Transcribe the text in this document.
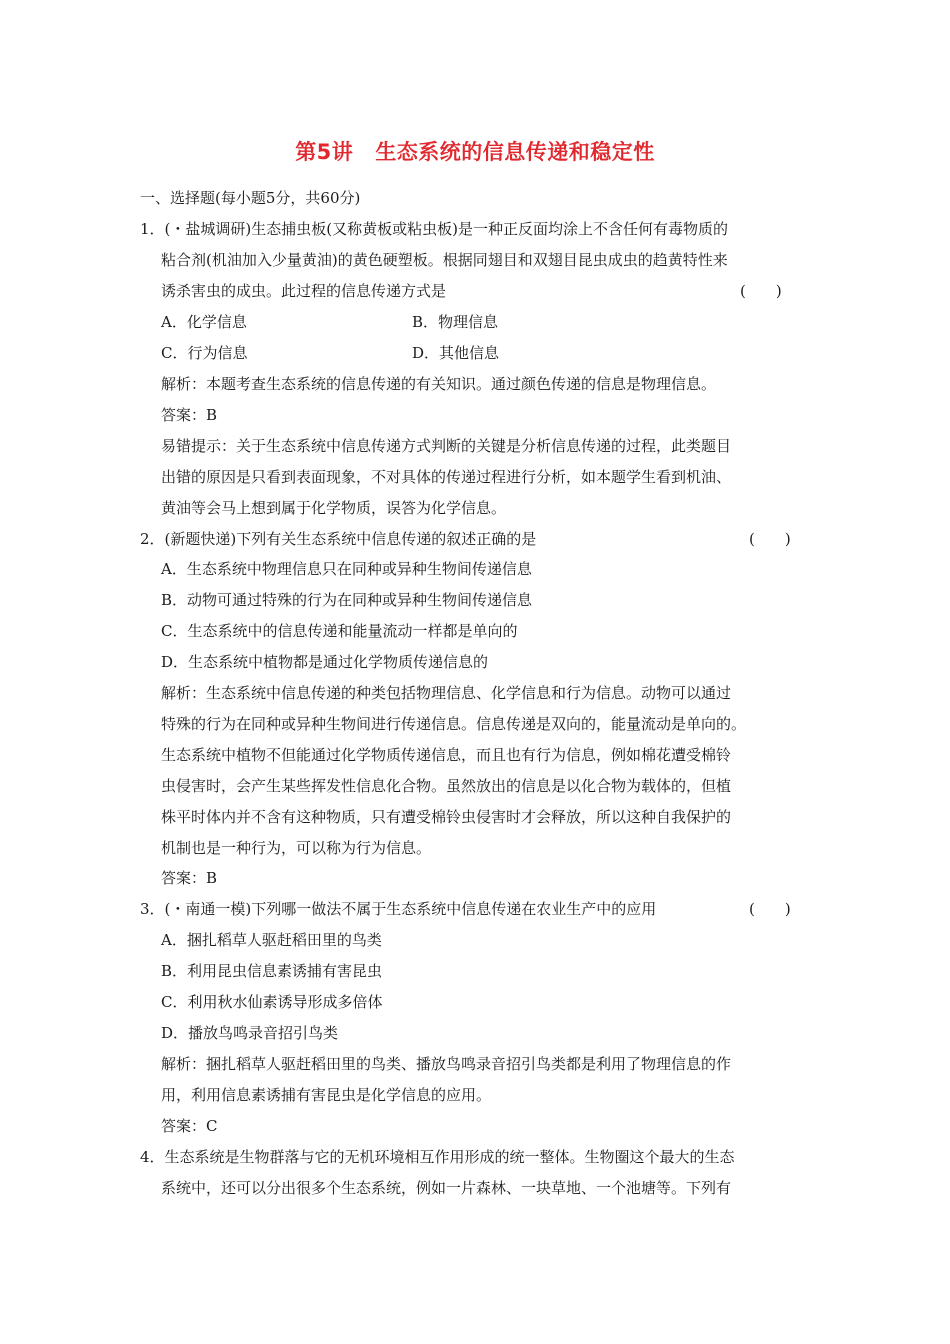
第5讲 生态系统的信息传递和稳定性
一、选择题(每小题5分，共60分)
1．(・盐城调研)生态捕虫板(又称黄板或粘虫板)是一种正反面均涂上不含任何有毒物质的
粘合剂(机油加入少量黄油)的黄色硬塑板。根据同翅目和双翅目昆虫成虫的趋黄特性来
诱杀害虫的成虫。此过程的信息传递方式是	(　　)
A．化学信息	B．物理信息
C．行为信息	D．其他信息
解析：本题考查生态系统的信息传递的有关知识。通过颜色传递的信息是物理信息。
答案：B
易错提示：关于生态系统中信息传递方式判断的关键是分析信息传递的过程，此类题目
出错的原因是只看到表面现象，不对具体的传递过程进行分析，如本题学生看到机油、
黄油等会马上想到属于化学物质，误答为化学信息。
2．(新题快递)下列有关生态系统中信息传递的叙述正确的是	(　　)
A．生态系统中物理信息只在同种或异种生物间传递信息
B．动物可通过特殊的行为在同种或异种生物间传递信息
C．生态系统中的信息传递和能量流动一样都是单向的
D．生态系统中植物都是通过化学物质传递信息的
解析：生态系统中信息传递的种类包括物理信息、化学信息和行为信息。动物可以通过
特殊的行为在同种或异种生物间进行传递信息。信息传递是双向的，能量流动是单向的。
生态系统中植物不但能通过化学物质传递信息，而且也有行为信息，例如棉花遭受棉铃
虫侵害时，会产生某些挥发性信息化合物。虽然放出的信息是以化合物为载体的，但植
株平时体内并不含有这种物质，只有遭受棉铃虫侵害时才会释放，所以这种自我保护的
机制也是一种行为，可以称为行为信息。
答案：B
3．(・南通一模)下列哪一做法不属于生态系统中信息传递在农业生产中的应用	(　　)
A．捆扎稻草人驱赶稻田里的鸟类
B．利用昆虫信息素诱捕有害昆虫
C．利用秋水仙素诱导形成多倍体
D．播放鸟鸣录音招引鸟类
解析：捆扎稻草人驱赶稻田里的鸟类、播放鸟鸣录音招引鸟类都是利用了物理信息的作
用，利用信息素诱捕有害昆虫是化学信息的应用。
答案：C
4．生态系统是生物群落与它的无机环境相互作用形成的统一整体。生物圈这个最大的生态
系统中，还可以分出很多个生态系统，例如一片森林、一块草地、一个池塘等。下列有
